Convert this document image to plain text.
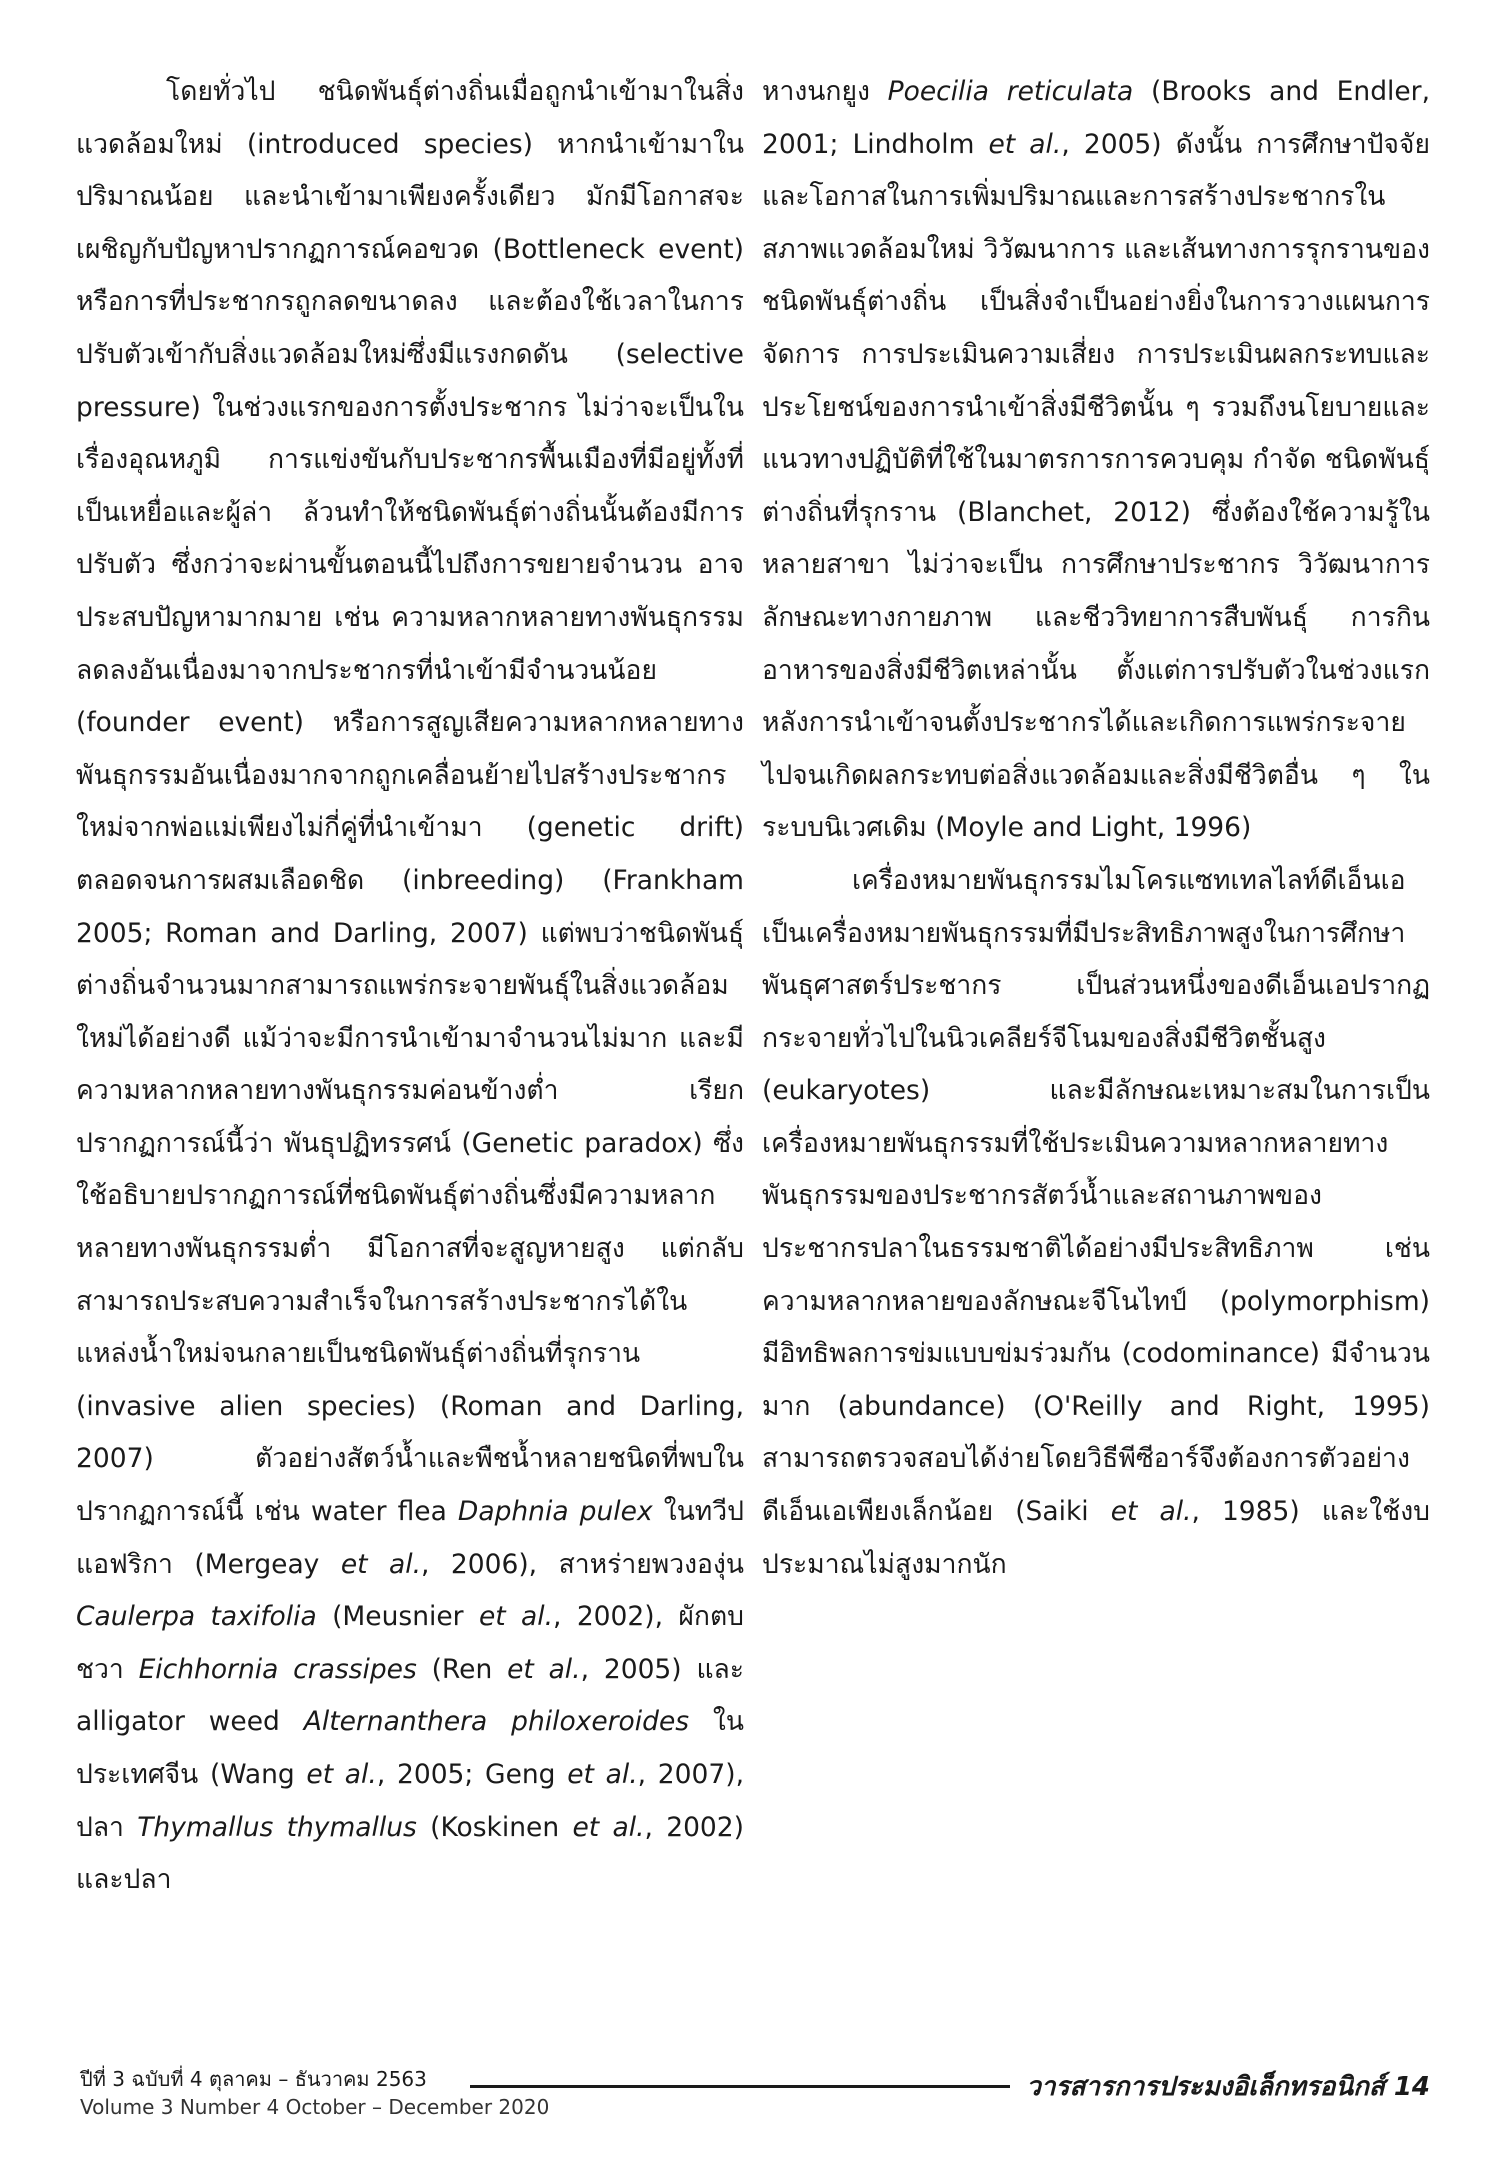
โดยทั่วไป ชนิดพันธุ์ต่างถิ่นเมื่อถูกนำเข้ามาในสิ่งแวดล้อมใหม่ (introduced species) หากนำเข้ามาในปริมาณน้อย และนำเข้ามาเพียงครั้งเดียว มักมีโอกาสจะเผชิญกับปัญหาปรากฏการณ์คอขวด (Bottleneck event) หรือการที่ประชากรถูกลดขนาดลง และต้องใช้เวลาในการปรับตัวเข้ากับสิ่งแวดล้อมใหม่ซึ่งมีแรงกดดัน (selective pressure) ในช่วงแรกของการตั้งประชากร ไม่ว่าจะเป็นในเรื่องอุณหภูมิ การแข่งขันกับประชากรพื้นเมืองที่มีอยู่ทั้งที่เป็นเหยื่อและผู้ล่า ล้วนทำให้ชนิดพันธุ์ต่างถิ่นนั้นต้องมีการปรับตัว ซึ่งกว่าจะผ่านขั้นตอนนี้ไปถึงการขยายจำนวน อาจประสบปัญหามากมาย เช่น ความหลากหลายทางพันธุกรรมลดลงอันเนื่องมาจากประชากรที่นำเข้ามีจำนวนน้อย (founder event) หรือการสูญเสียความหลากหลายทางพันธุกรรมอันเนื่องมากจากถูกเคลื่อนย้ายไปสร้างประชากรใหม่จากพ่อแม่เพียงไม่กี่คู่ที่นำเข้ามา (genetic drift) ตลอดจนการผสมเลือดชิด (inbreeding) (Frankham 2005; Roman and Darling, 2007) แต่พบว่าชนิดพันธุ์ต่างถิ่นจำนวนมากสามารถแพร่กระจายพันธุ์ในสิ่งแวดล้อมใหม่ได้อย่างดี แม้ว่าจะมีการนำเข้ามาจำนวนไม่มาก และมีความหลากหลายทางพันธุกรรมค่อนข้างต่ำ เรียกปรากฏการณ์นี้ว่า พันธุปฏิทรรศน์ (Genetic paradox) ซึ่งใช้อธิบายปรากฏการณ์ที่ชนิดพันธุ์ต่างถิ่นซึ่งมีความหลากหลายทางพันธุกรรมต่ำ มีโอกาสที่จะสูญหายสูง แต่กลับสามารถประสบความสำเร็จในการสร้างประชากรได้ในแหล่งน้ำใหม่จนกลายเป็นชนิดพันธุ์ต่างถิ่นที่รุกราน (invasive alien species) (Roman and Darling, 2007) ตัวอย่างสัตว์น้ำและพืชน้ำหลายชนิดที่พบในปรากฏการณ์นี้ เช่น water flea Daphnia pulex ในทวีปแอฟริกา (Mergeay et al., 2006), สาหร่ายพวงองุ่น Caulerpa taxifolia (Meusnier et al., 2002), ผักตบชวา Eichhornia crassipes (Ren et al., 2005) และ alligator weed Alternanthera philoxeroides ในประเทศจีน (Wang et al., 2005; Geng et al., 2007), ปลา Thymallus thymallus (Koskinen et al., 2002) และปลา

หางนกยูง Poecilia reticulata (Brooks and Endler, 2001; Lindholm et al., 2005) ดังนั้น การศึกษาปัจจัยและโอกาสในการเพิ่มปริมาณและการสร้างประชากรในสภาพแวดล้อมใหม่ วิวัฒนาการ และเส้นทางการรุกรานของชนิดพันธุ์ต่างถิ่น เป็นสิ่งจำเป็นอย่างยิ่งในการวางแผนการจัดการ การประเมินความเสี่ยง การประเมินผลกระทบและประโยชน์ของการนำเข้าสิ่งมีชีวิตนั้น ๆ รวมถึงนโยบายและแนวทางปฏิบัติที่ใช้ในมาตรการการควบคุม กำจัด ชนิดพันธุ์ต่างถิ่นที่รุกราน (Blanchet, 2012) ซึ่งต้องใช้ความรู้ในหลายสาขา ไม่ว่าจะเป็น การศึกษาประชากร วิวัฒนาการ ลักษณะทางกายภาพ และชีววิทยาการสืบพันธุ์ การกินอาหารของสิ่งมีชีวิตเหล่านั้น ตั้งแต่การปรับตัวในช่วงแรกหลังการนำเข้าจนตั้งประชากรได้และเกิดการแพร่กระจาย ไปจนเกิดผลกระทบต่อสิ่งแวดล้อมและสิ่งมีชีวิตอื่น ๆ ในระบบนิเวศเดิม (Moyle and Light, 1996)

เครื่องหมายพันธุกรรมไมโครแซทเทลไลท์ดีเอ็นเอเป็นเครื่องหมายพันธุกรรมที่มีประสิทธิภาพสูงในการศึกษาพันธุศาสตร์ประชากร เป็นส่วนหนึ่งของดีเอ็นเอปรากฏกระจายทั่วไปในนิวเคลียร์จีโนมของสิ่งมีชีวิตชั้นสูง (eukaryotes) และมีลักษณะเหมาะสมในการเป็นเครื่องหมายพันธุกรรมที่ใช้ประเมินความหลากหลายทางพันธุกรรมของประชากรสัตว์น้ำและสถานภาพของประชากรปลาในธรรมชาติได้อย่างมีประสิทธิภาพ เช่น ความหลากหลายของลักษณะจีโนไทป์ (polymorphism) มีอิทธิพลการข่มแบบข่มร่วมกัน (codominance) มีจำนวนมาก (abundance) (O'Reilly and Right, 1995) สามารถตรวจสอบได้ง่ายโดยวิธีพีซีอาร์จึงต้องการตัวอย่างดีเอ็นเอเพียงเล็กน้อย (Saiki et al., 1985) และใช้งบประมาณไม่สูงมากนัก

ปีที่ 3 ฉบับที่ 4 ตุลาคม – ธันวาคม 2563
Volume 3 Number 4 October – December 2020
วารสารการประมงอิเล็กทรอนิกส์ 14
